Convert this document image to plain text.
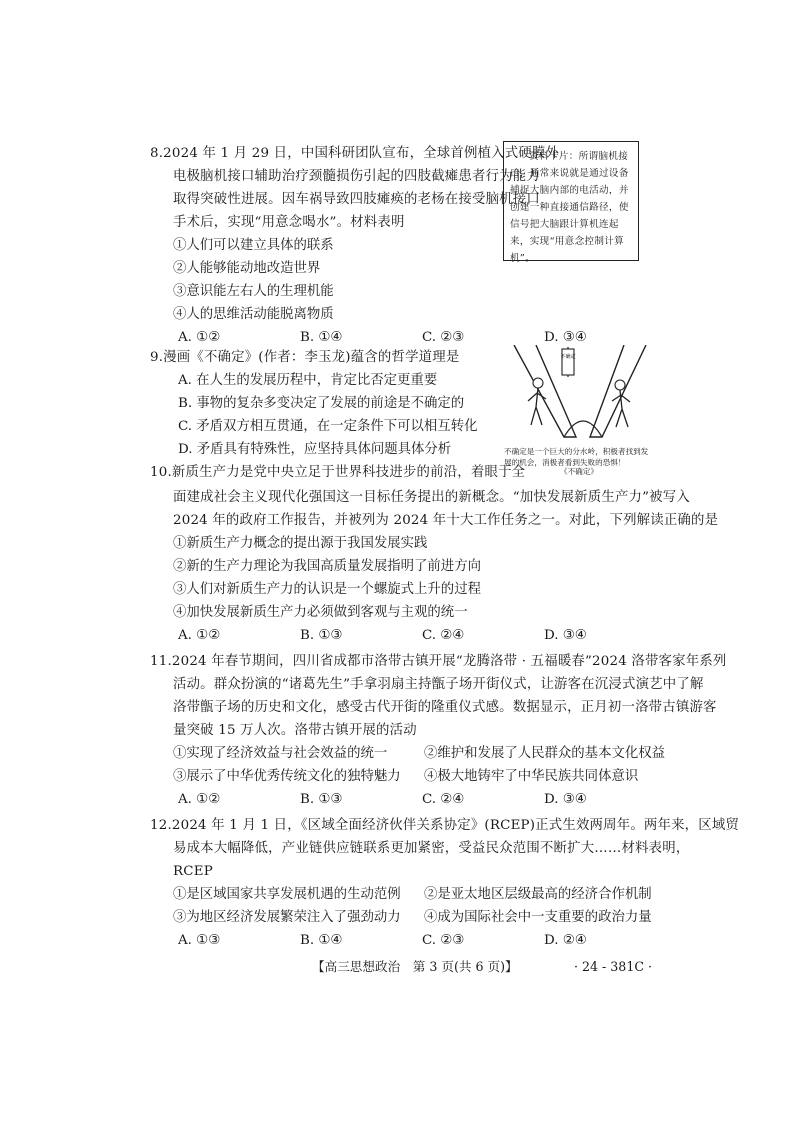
8.2024 年 1 月 29 日，中国科研团队宣布，全球首例植入式硬膜外
电极脑机接口辅助治疗颈髓损伤引起的四肢截瘫患者行为能力
取得突破性进展。因车祸导致四肢瘫痪的老杨在接受脑机接口
手术后，实现“用意念喝水”。材料表明
①人们可以建立具体的联系
②人能够能动地改造世界
③意识能左右人的生理机能
④人的思维活动能脱离物质
A. ①②	B. ①④	C. ②③	D. ③④
资料卡片：所谓脑机接口，通常来说就是通过设备捕捉大脑内部的电活动，并创建一种直接通信路径，使信号把大脑跟计算机连起来，实现“用意念控制计算机”。
9.漫画《不确定》(作者：李玉龙)蕴含的哲学道理是
A. 在人生的发展历程中，肯定比否定更重要
B. 事物的复杂多变决定了发展的前途是不确定的
C. 矛盾双方相互贯通，在一定条件下可以相互转化
D. 矛盾具有特殊性，应坚持具体问题具体分析
不确定
不确定是一个巨大的分水岭，积极者找到发展的机会，消极者看到失败的恐惧！
《不确定》
10.新质生产力是党中央立足于世界科技进步的前沿，着眼于全
面建成社会主义现代化强国这一目标任务提出的新概念。“加快发展新质生产力”被写入
2024 年的政府工作报告，并被列为 2024 年十大工作任务之一。对此，下列解读正确的是
①新质生产力概念的提出源于我国发展实践
②新的生产力理论为我国高质量发展指明了前进方向
③人们对新质生产力的认识是一个螺旋式上升的过程
④加快发展新质生产力必须做到客观与主观的统一
A. ①②	B. ①③	C. ②④	D. ③④
11.2024 年春节期间，四川省成都市洛带古镇开展“龙腾洛带 · 五福暖春”2024 洛带客家年系列
活动。群众扮演的“诸葛先生”手拿羽扇主持甑子场开街仪式，让游客在沉浸式演艺中了解
洛带甑子场的历史和文化，感受古代开街的隆重仪式感。数据显示，正月初一洛带古镇游客
量突破 15 万人次。洛带古镇开展的活动
①实现了经济效益与社会效益的统一	②维护和发展了人民群众的基本文化权益
③展示了中华优秀传统文化的独特魅力 ④极大地铸牢了中华民族共同体意识
A. ①②	B. ①③	C. ②④	D. ③④
12.2024 年 1 月 1 日，《区域全面经济伙伴关系协定》(RCEP)正式生效两周年。两年来，区域贸
易成本大幅降低，产业链供应链联系更加紧密，受益民众范围不断扩大……材料表明，
RCEP
①是区域国家共享发展机遇的生动范例 ②是亚太地区层级最高的经济合作机制
③为地区经济发展繁荣注入了强劲动力 ④成为国际社会中一支重要的政治力量
A. ①③	B. ①④	C. ②③	D. ②④
【高三思想政治　第 3 页(共 6 页)】	· 24 - 381C ·
